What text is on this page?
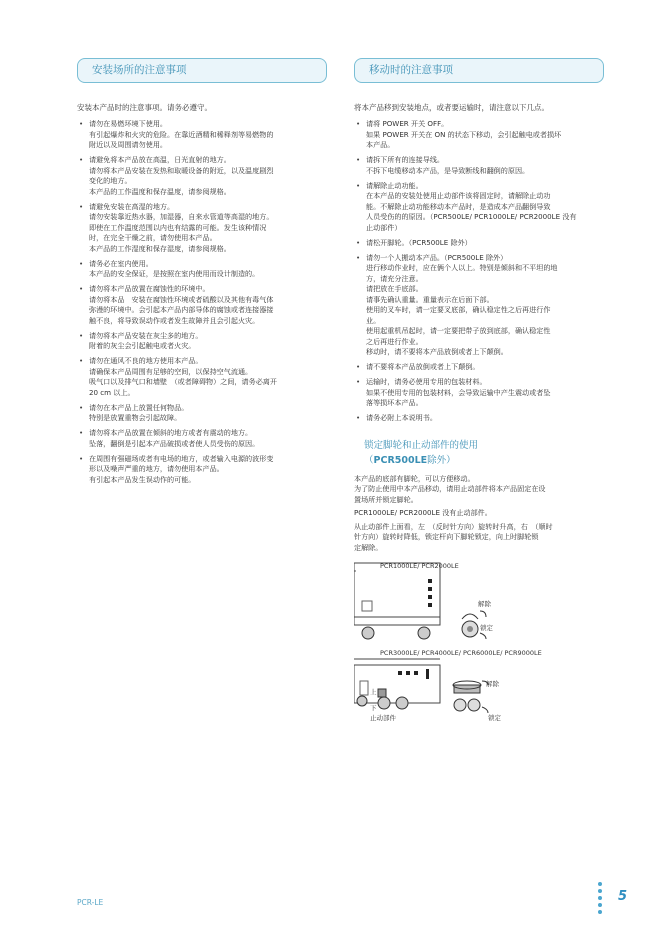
安装场所的注意事项
安装本产品时的注意事项。请务必遵守。
• 请勿在易燃环境下使用。
有引起爆炸和火灾的危险。在靠近酒精和稀释剂等易燃物的
附近以及周围请勿使用。
• 请避免将本产品放在高温，日光直射的地方。
请勿将本产品安装在发热和取暖设备的附近，以及温度剧烈
变化的地方。
本产品的工作温度和保存温度，请参阅规格。
• 请避免安装在高湿的地方。
请勿安装靠近热水器，加湿器，自来水管道等高湿的地方。
即使在工作温度范围以内也有结露的可能。发生该种情况
时，在完全干燥之前，请勿使用本产品。
本产品的工作湿度和保存湿度，请参阅规格。
• 请务必在室内使用。
本产品的安全保证，是按照在室内使用而设计制造的。
• 请勿将本产品放置在腐蚀性的环境中。
请勿将本品　安装在腐蚀性环境或者硫酸以及其他有毒气体
弥漫的环境中。会引起本产品内部导体的腐蚀或者连接器接
触不良，将导致误动作或者发生故障并且会引起火灾。
• 请勿将本产品安装在灰尘多的地方。
附着的灰尘会引起触电或者火灾。
• 请勿在通风不良的地方使用本产品。
请确保本产品周围有足够的空间，以保持空气流通。
吸气口以及排气口和墙壁　（或者障碍物）之间，请务必离开
20 cm 以上。
• 请勿在本产品上放置任何物品。
特别是放置重物会引起故障。
• 请勿将本产品放置在倾斜的地方或者有震动的地方。
坠落，翻倒是引起本产品破损或者使人员受伤的原因。
• 在周围有强磁场或者有电场的地方，或者输入电源的波形变
形以及噪声严重的地方，请勿使用本产品。
有引起本产品发生误动作的可能。
移动时的注意事项
将本产品移到安装地点，或者要运输时，请注意以下几点。
• 请将 POWER 开关 OFF。
如果 POWER 开关在 ON 的状态下移动，会引起触电或者损坏
本产品。
• 请拆下所有的连接导线。
不拆下电缆移动本产品，是导致断线和翻倒的原因。
• 请解除止动功能。
在本产品的安装处使用止动部件该将固定时，请解除止动功
能。不解除止动功能移动本产品时，是造成本产品翻倒导致
人员受伤的的原因。（PCR500LE/ PCR1000LE/ PCR2000LE 没有
止动部件）
• 请松开脚轮。（PCR500LE 除外）
• 请勿一个人搬动本产品。（PCR500LE 除外）
进行移动作业时，应在俩个人以上。特别是倾斜和不平坦的地
方，请充分注意。
请把放在手底部。
请事先确认重量。重量表示在后面下部。
使用的叉车时，请一定要叉底部，确认稳定性之后再进行作
业。
使用起重机吊起时，请一定要把带子放到底部，确认稳定性
之后再进行作业。
移动时，请不要将本产品放倒或者上下颠倒。
• 请不要将本产品放倒或者上下颠倒。
• 运输时，请务必使用专用的包装材料。
如果不使用专用的包装材料，会导致运输中产生震动或者坠
落等损坏本产品。
• 请务必附上本说明书。
锁定脚轮和止动部件的使用
（PCR500LE除外）
本产品的底部有脚轮，可以方便移动。
为了防止使用中本产品移动，请用止动部件将本产品固定在设
置场所并锁定脚轮。
PCR1000LE/ PCR2000LE 没有止动部件。
从止动部件上面看，左　（反时针方向）旋转时升高，右　（顺时
针方向）旋转时降低，锁定杆向下脚轮锁定，向上时脚轮锁
定解除。
PCR1000LE/ PCR2000LE
解除
锁定
PCR3000LE/ PCR4000LE/ PCR6000LE/ PCR9000LE
上
下
止动部件
解除
锁定
PCR-LE	5
